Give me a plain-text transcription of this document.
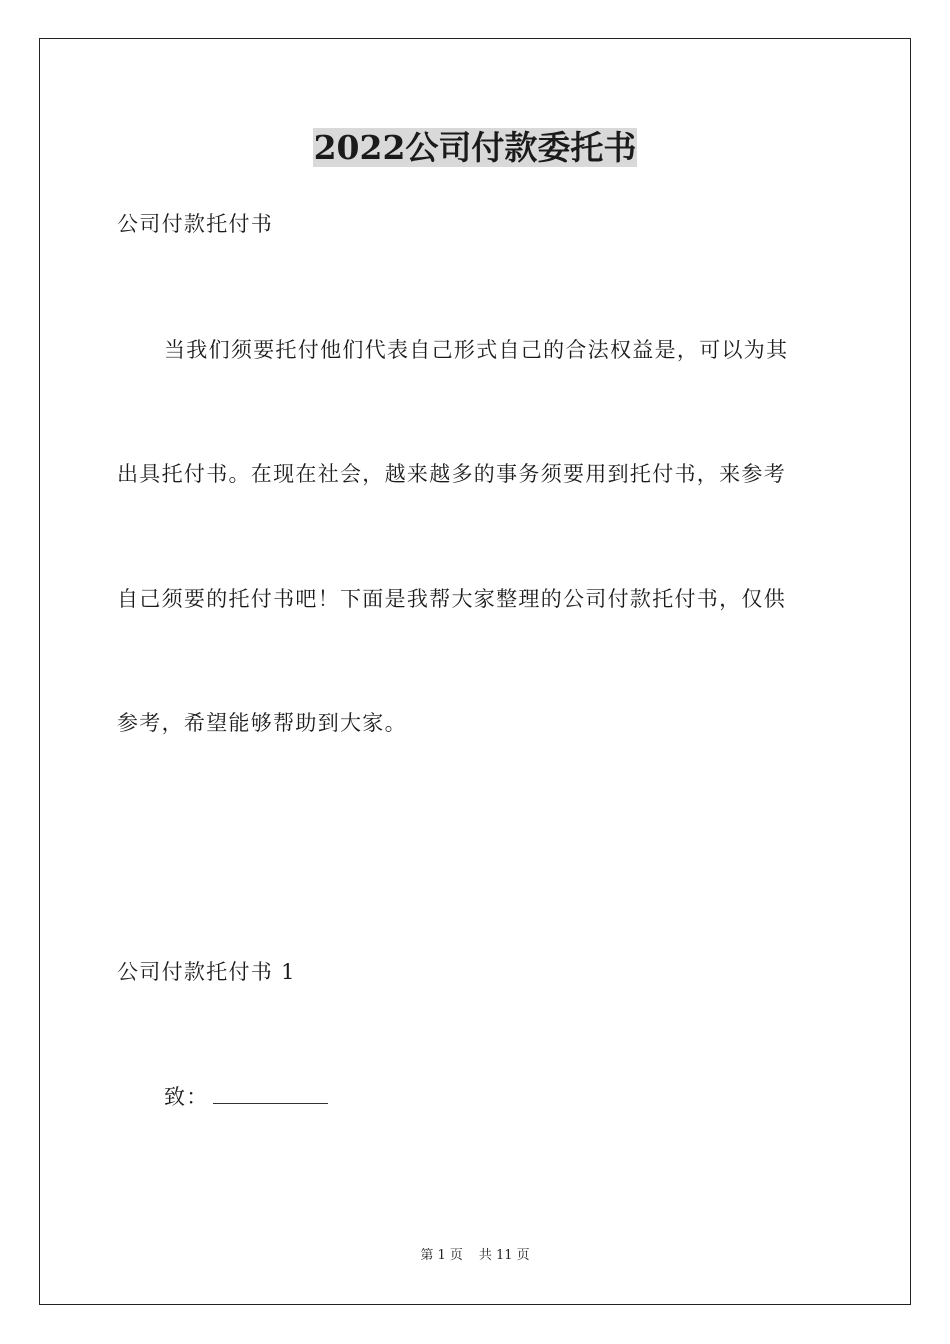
2022公司付款委托书

公司付款托付书

当我们须要托付他们代表自己形式自己的合法权益是，可以为其

出具托付书。在现在社会，越来越多的事务须要用到托付书，来参考

自己须要的托付书吧！下面是我帮大家整理的公司付款托付书，仅供

参考，希望能够帮助到大家。

公司付款托付书 1

致：

第 1 页 共 11 页
